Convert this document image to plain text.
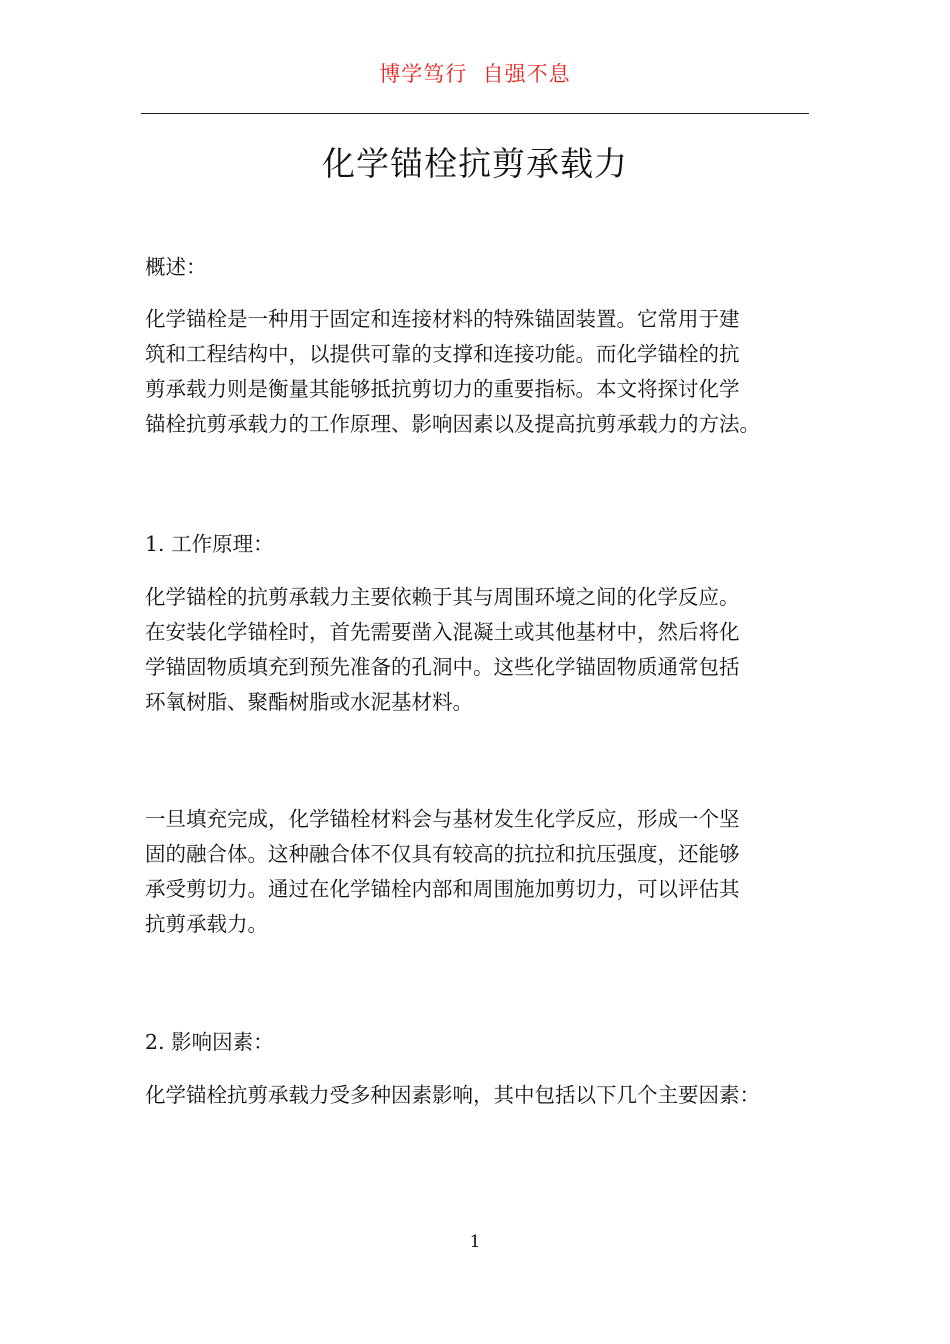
博学笃行  自强不息
化学锚栓抗剪承载力
概述：
化学锚栓是一种用于固定和连接材料的特殊锚固装置。它常用于建
筑和工程结构中，以提供可靠的支撑和连接功能。而化学锚栓的抗
剪承载力则是衡量其能够抵抗剪切力的重要指标。本文将探讨化学
锚栓抗剪承载力的工作原理、影响因素以及提高抗剪承载力的方法。
1. 工作原理：
化学锚栓的抗剪承载力主要依赖于其与周围环境之间的化学反应。
在安装化学锚栓时，首先需要凿入混凝土或其他基材中，然后将化
学锚固物质填充到预先准备的孔洞中。这些化学锚固物质通常包括
环氧树脂、聚酯树脂或水泥基材料。
一旦填充完成，化学锚栓材料会与基材发生化学反应，形成一个坚
固的融合体。这种融合体不仅具有较高的抗拉和抗压强度，还能够
承受剪切力。通过在化学锚栓内部和周围施加剪切力，可以评估其
抗剪承载力。
2. 影响因素：
化学锚栓抗剪承载力受多种因素影响，其中包括以下几个主要因素：
1
